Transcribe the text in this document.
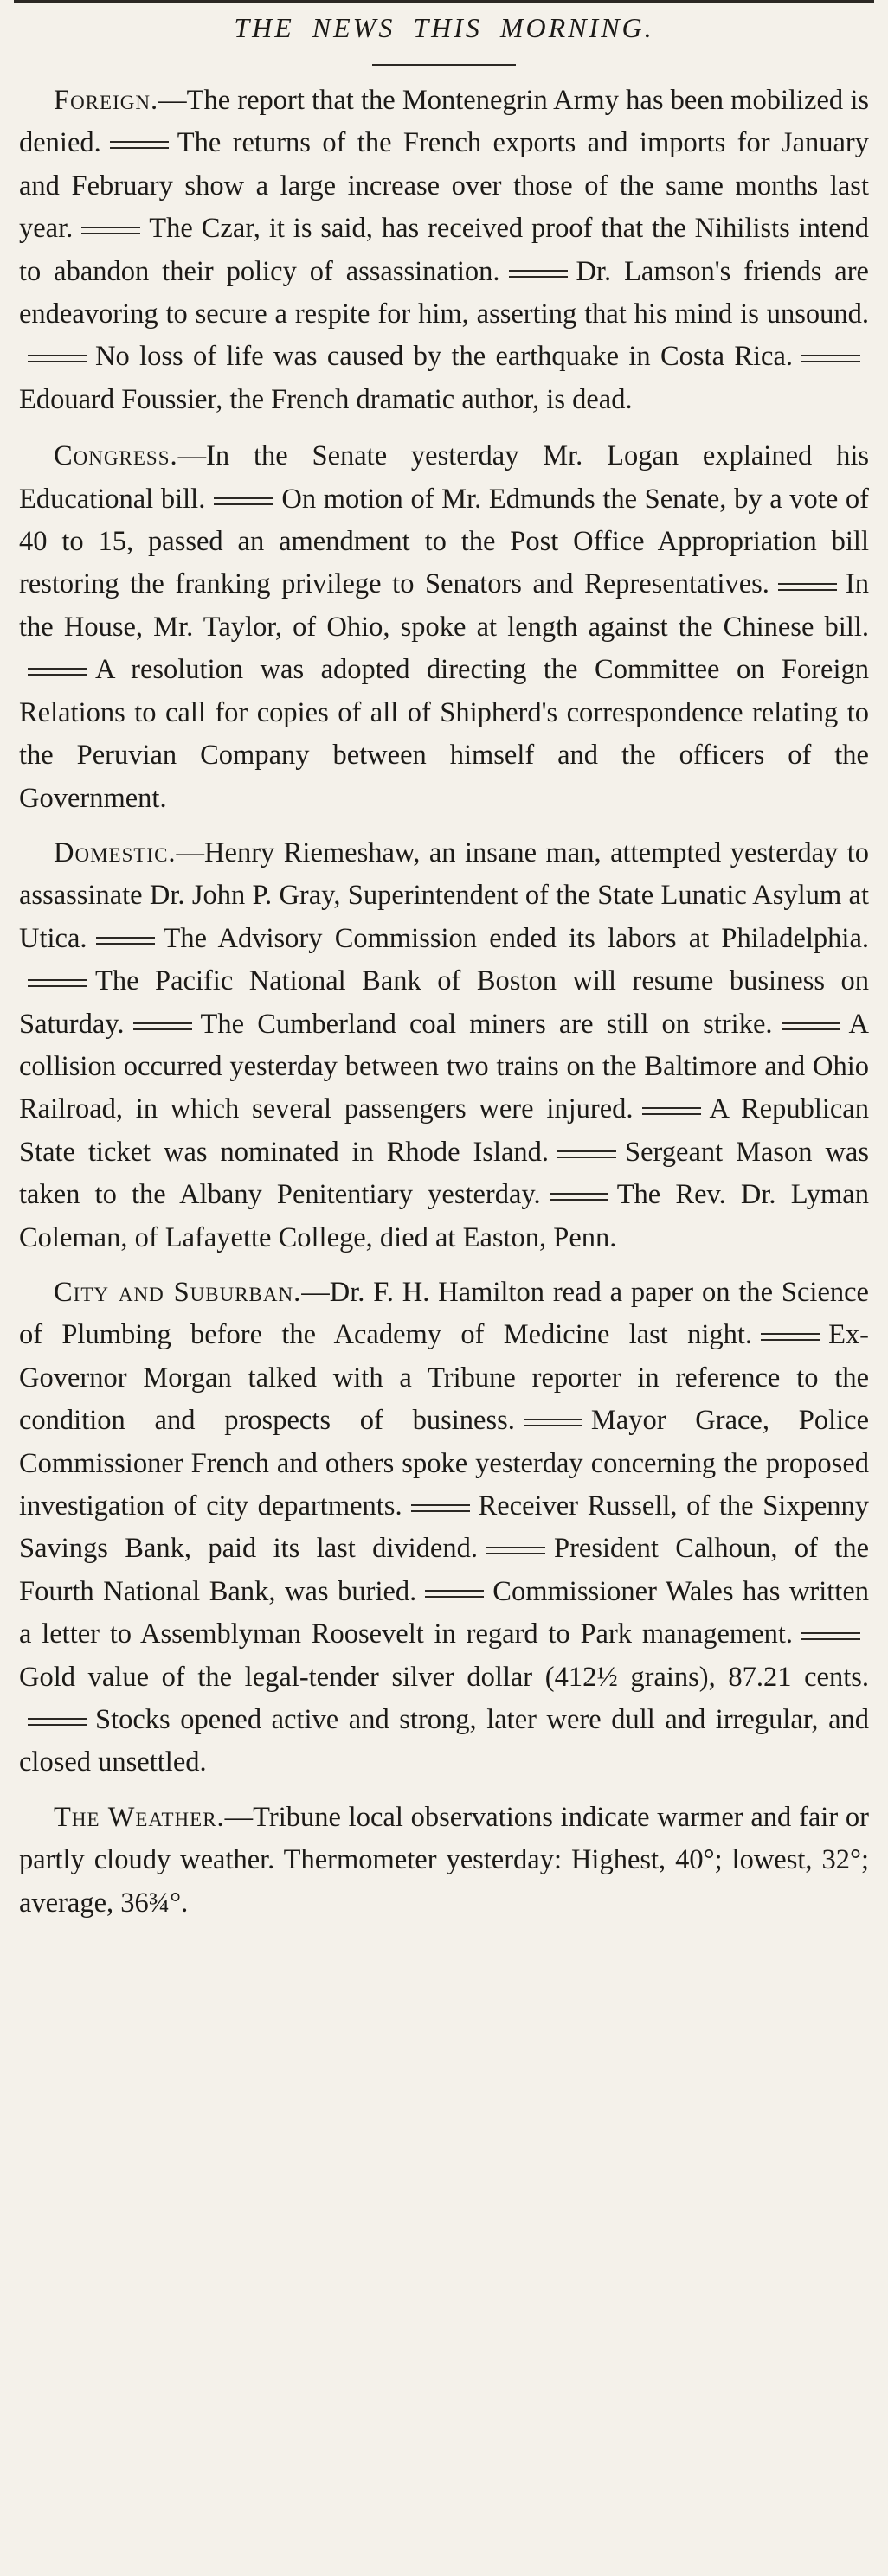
THE NEWS THIS MORNING.

Foreign.—The report that the Montenegrin Army has been mobilized is denied.	The returns of the French exports and imports for January and February show a large increase over those of the same months last year.	The Czar, it is said, has received proof that the Nihilists intend to abandon their policy of assassination.	Dr. Lamson's friends are endeavoring to secure a respite for him, asserting that his mind is unsound.No loss of life was caused by the earthquake in Costa Rica.Edouard Foussier, the French dramatic author, is dead.

Congress.—In the Senate yesterday Mr. Logan explained his Educational bill.	On motion of Mr. Edmunds the Senate, by a vote of 40 to 15, passed an amendment to the Post Office Appropriation bill restoring the franking privilege to Senators and Representatives.	In the House, Mr. Taylor, of Ohio, spoke at length against the Chinese bill.A resolution was adopted directing the Committee on Foreign Relations to call for copies of all of Shipherd's correspondence relating to the Peruvian Company between himself and the officers of the Government.

Domestic.—Henry Riemeshaw, an insane man, attempted yesterday to assassinate Dr. John P. Gray, Superintendent of the State Lunatic Asylum at Utica.	The Advisory Commission ended its labors at Philadelphia.The Pacific National Bank of Boston will resume business on Saturday.	The Cumberland coal miners are still on strike.	A collision occurred yesterday between two trains on the Baltimore and Ohio Railroad, in which several passengers were injured.	A Republican State ticket was nominated in Rhode Island.	Sergeant Mason was taken to the Albany Penitentiary yesterday.	The Rev. Dr. Lyman Coleman, of Lafayette College, died at Easton, Penn.

City and Suburban.—Dr. F. H. Hamilton read a paper on the Science of Plumbing before the Academy of Medicine last night.	Ex-Governor Morgan talked with a Tribune reporter in reference to the condition and prospects of business.	Mayor Grace, Police Commissioner French and others spoke yesterday concerning the proposed investigation of city departments.	Receiver Russell, of the Sixpenny Savings Bank, paid its last dividend.	President Calhoun, of the Fourth National Bank, was buried.	Commissioner Wales has written a letter to Assemblyman Roosevelt in regard to Park management.Gold value of the legal-tender silver dollar (412½ grains), 87.21 cents.Stocks opened active and strong, later were dull and irregular, and closed unsettled.

The Weather.—Tribune local observations indicate warmer and fair or partly cloudy weather. Thermometer yesterday: Highest, 40°; lowest, 32°; average, 36¾°.
